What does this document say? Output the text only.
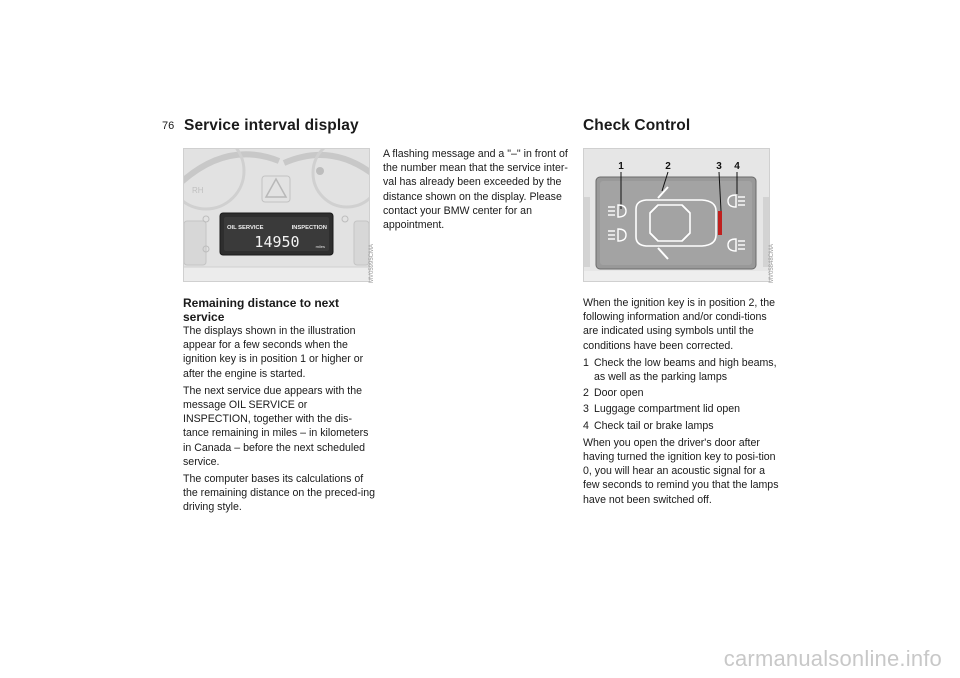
76 Service interval display
OIL SERVICE	INSPECTION
14950	miles
RH
MV05995CMA
Remaining distance to next service

The displays shown in the illustration appear for a few seconds when the ignition key is in position 1 or higher or after the engine is started.

The next service due appears with the message OIL SERVICE or INSPECTION, together with the dis-tance remaining in miles – in kilometers in Canada – before the next scheduled service.

The computer bases its calculations of the remaining distance on the preced-ing driving style.

A flashing message and a "–" in front of the number mean that the service inter-val has already been exceeded by the distance shown on the display. Please contact your BMW center for an appointment.

Check Control
1	2	3 4
MV05848CMA

When the ignition key is in position 2, the following information and/or condi-tions are indicated using symbols until the conditions have been corrected.

1 Check the low beams and high beams, as well as the parking lamps
2 Door open
3 Luggage compartment lid open
4 Check tail or brake lamps

When you open the driver's door after having turned the ignition key to posi-tion 0, you will hear an acoustic signal for a few seconds to remind you that the lamps have not been switched off.

carmanualsonline.info
